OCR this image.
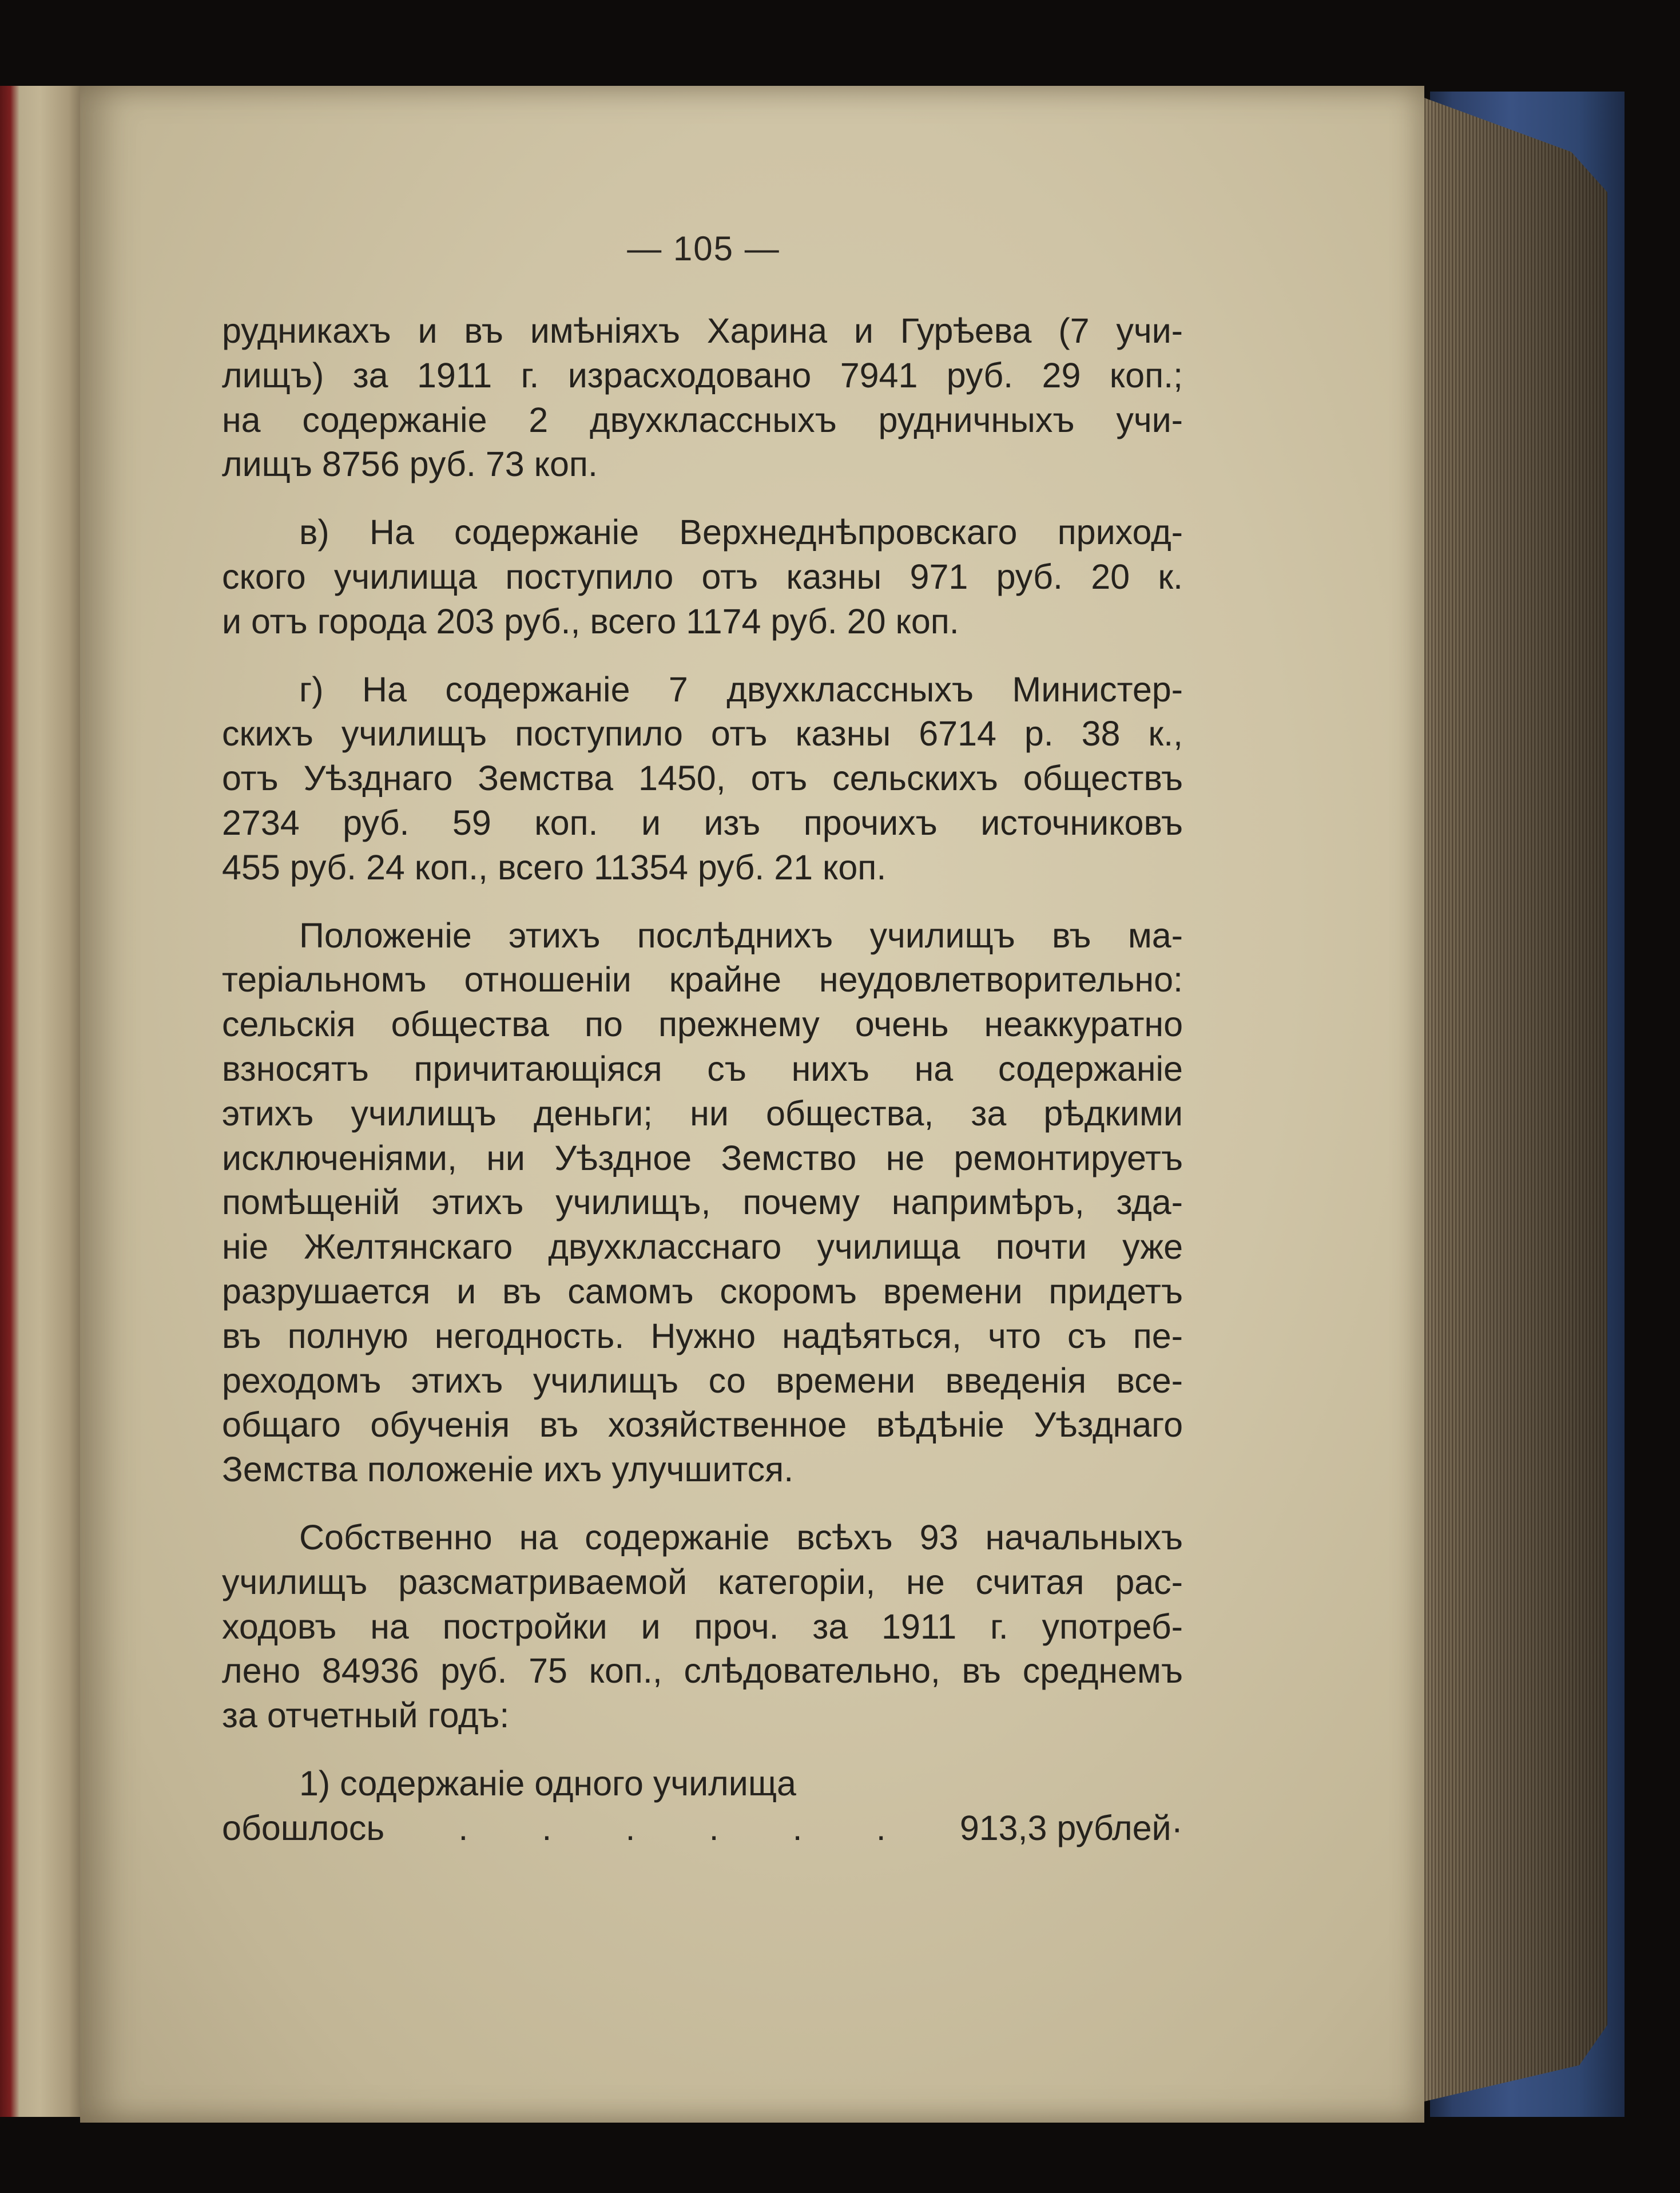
— 105 —
рудникахъ и въ имѣніяхъ Харина и Гурѣева (7 учи-
лищъ) за 1911 г. израсходовано 7941 руб. 29 коп.;
на содержаніе 2 двухклассныхъ рудничныхъ учи-
лищъ 8756 руб. 73 коп.
в) На содержаніе Верхнеднѣпровскаго приход-
ского училища поступило отъ казны 971 руб. 20 к.
и отъ города 203 руб., всего 1174 руб. 20 коп.
г) На содержаніе 7 двухклассныхъ Министер-
скихъ училищъ поступило отъ казны 6714 р. 38 к.,
отъ Уѣзднаго Земства 1450, отъ сельскихъ обществъ
2734 руб. 59 коп. и изъ прочихъ источниковъ
455 руб. 24 коп., всего 11354 руб. 21 коп.
Положеніе этихъ послѣднихъ училищъ въ ма-
теріальномъ отношеніи крайне неудовлетворительно:
сельскія общества по прежнему очень неаккуратно
взносятъ причитающіяся съ нихъ на содержаніе
этихъ училищъ деньги; ни общества, за рѣдкими
исключеніями, ни Уѣздное Земство не ремонтируетъ
помѣщеній этихъ училищъ, почему напримѣръ, зда-
ніе Желтянскаго двухкласснаго училища почти уже
разрушается и въ самомъ скоромъ времени придетъ
въ полную негодность. Нужно надѣяться, что съ пе-
реходомъ этихъ училищъ со времени введенія все-
общаго обученія въ хозяйственное вѣдѣніе Уѣзднаго
Земства положеніе ихъ улучшится.
Собственно на содержаніе всѣхъ 93 начальныхъ
училищъ разсматриваемой категоріи, не считая рас-
ходовъ на постройки и проч. за 1911 г. употреб-
лено 84936 руб. 75 коп., слѣдовательно, въ среднемъ
за отчетный годъ:
1) содержаніе одного училища
обошлось . . . . . . 913,3 рублей·
